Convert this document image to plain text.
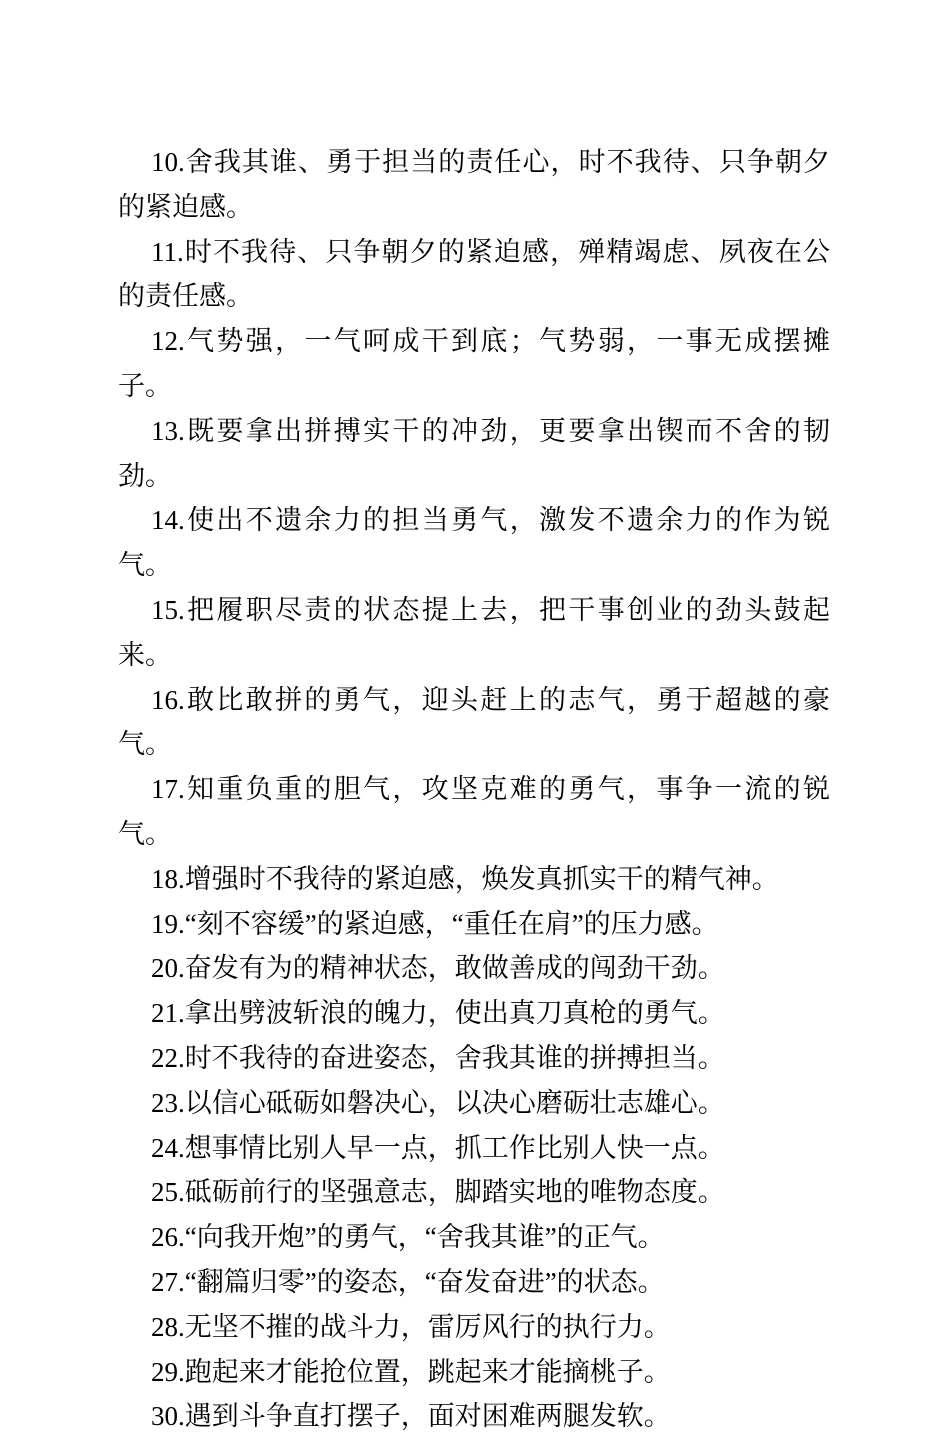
10.舍我其谁、勇于担当的责任心，时不我待、只争朝夕的紧迫感。

11.时不我待、只争朝夕的紧迫感，殚精竭虑、夙夜在公的责任感。

12.气势强，一气呵成干到底；气势弱，一事无成摆摊子。

13.既要拿出拼搏实干的冲劲，更要拿出锲而不舍的韧劲。

14.使出不遗余力的担当勇气，激发不遗余力的作为锐气。

15.把履职尽责的状态提上去，把干事创业的劲头鼓起来。

16.敢比敢拼的勇气，迎头赶上的志气，勇于超越的豪气。

17.知重负重的胆气，攻坚克难的勇气，事争一流的锐气。

18.增强时不我待的紧迫感，焕发真抓实干的精气神。

19.“刻不容缓”的紧迫感，“重任在肩”的压力感。

20.奋发有为的精神状态，敢做善成的闯劲干劲。

21.拿出劈波斩浪的魄力，使出真刀真枪的勇气。

22.时不我待的奋进姿态，舍我其谁的拼搏担当。

23.以信心砥砺如磐决心，以决心磨砺壮志雄心。

24.想事情比别人早一点，抓工作比别人快一点。

25.砥砺前行的坚强意志，脚踏实地的唯物态度。

26.“向我开炮”的勇气，“舍我其谁”的正气。

27.“翻篇归零”的姿态，“奋发奋进”的状态。

28.无坚不摧的战斗力，雷厉风行的执行力。

29.跑起来才能抢位置，跳起来才能摘桃子。

30.遇到斗争直打摆子，面对困难两腿发软。
